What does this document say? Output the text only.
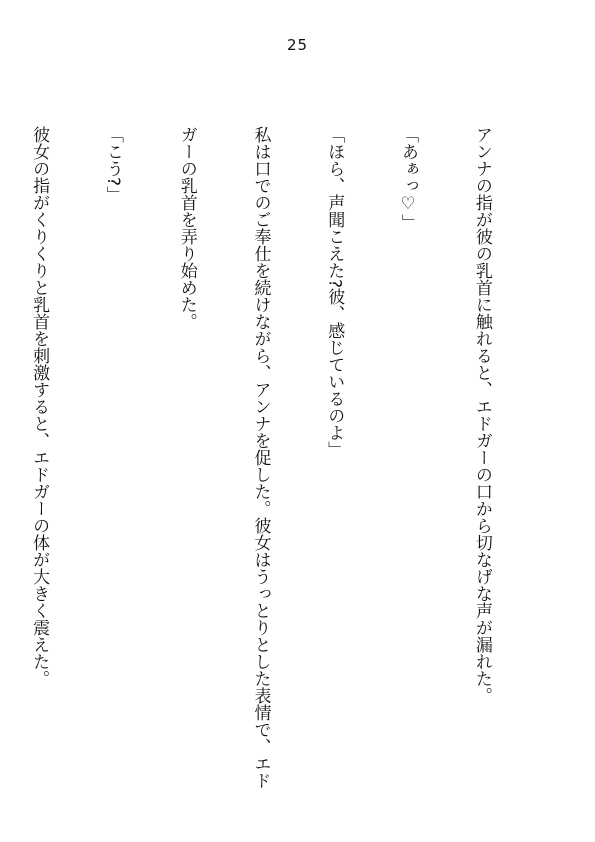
25

アンナの指が彼の乳首に触れると、エドガーの口から切なげな声が漏れた。

「あぁっ♡」

「ほら、声聞こえた?彼、感じているのよ」

私は口でのご奉仕を続けながら、アンナを促した。彼女はうっとりとした表情で、エド

ガーの乳首を弄り始めた。

「こう?」

彼女の指がくりくりと乳首を刺激すると、エドガーの体が大きく震えた。
